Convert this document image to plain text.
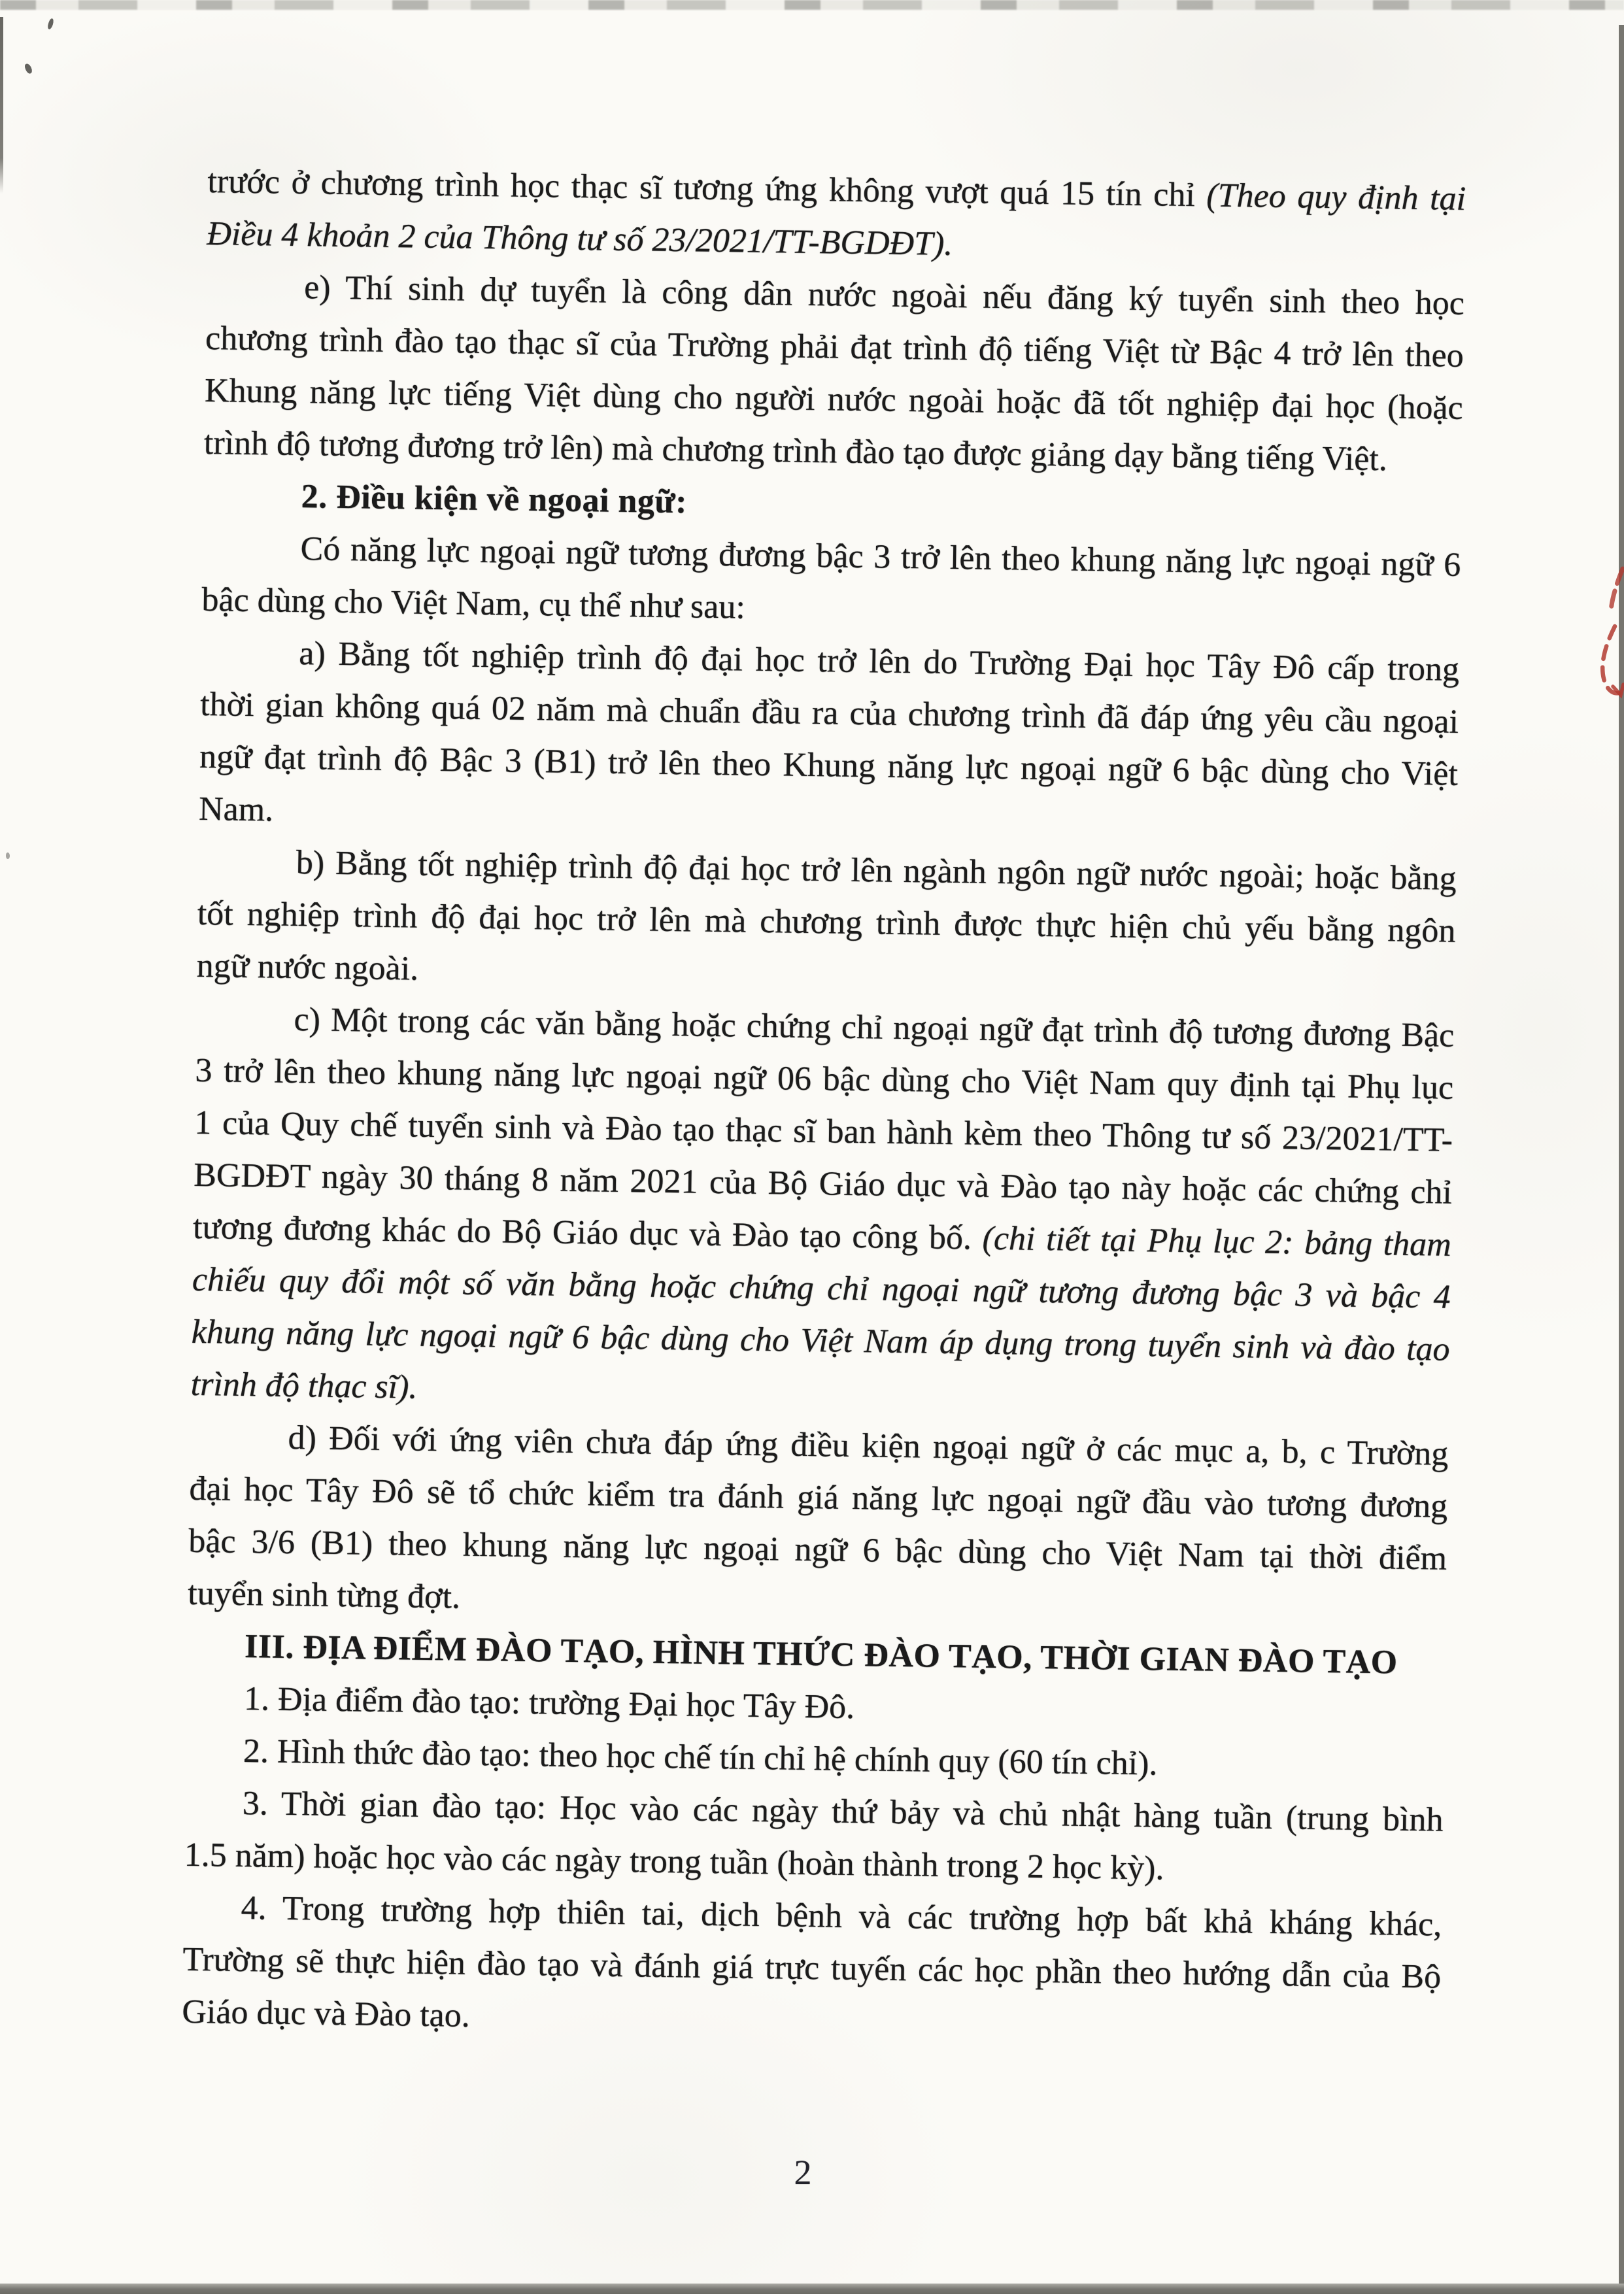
trước ở chương trình học thạc sĩ tương ứng không vượt quá 15 tín chỉ (Theo quy định tại
Điều 4 khoản 2 của Thông tư số 23/2021/TT-BGDĐT).
e) Thí sinh dự tuyển là công dân nước ngoài nếu đăng ký tuyển sinh theo học
chương trình đào tạo thạc sĩ của Trường phải đạt trình độ tiếng Việt từ Bậc 4 trở lên theo
Khung năng lực tiếng Việt dùng cho người nước ngoài hoặc đã tốt nghiệp đại học (hoặc
trình độ tương đương trở lên) mà chương trình đào tạo được giảng dạy bằng tiếng Việt.
2. Điều kiện về ngoại ngữ:
Có năng lực ngoại ngữ tương đương bậc 3 trở lên theo khung năng lực ngoại ngữ 6
bậc dùng cho Việt Nam, cụ thể như sau:
a) Bằng tốt nghiệp trình độ đại học trở lên do Trường Đại học Tây Đô cấp trong
thời gian không quá 02 năm mà chuẩn đầu ra của chương trình đã đáp ứng yêu cầu ngoại
ngữ đạt trình độ Bậc 3 (B1) trở lên theo Khung năng lực ngoại ngữ 6 bậc dùng cho Việt
Nam.
b) Bằng tốt nghiệp trình độ đại học trở lên ngành ngôn ngữ nước ngoài; hoặc bằng
tốt nghiệp trình độ đại học trở lên mà chương trình được thực hiện chủ yếu bằng ngôn
ngữ nước ngoài.
c) Một trong các văn bằng hoặc chứng chỉ ngoại ngữ đạt trình độ tương đương Bậc
3 trở lên theo khung năng lực ngoại ngữ 06 bậc dùng cho Việt Nam quy định tại Phụ lục
1 của Quy chế tuyển sinh và Đào tạo thạc sĩ ban hành kèm theo Thông tư số 23/2021/TT-
BGDĐT ngày 30 tháng 8 năm 2021 của Bộ Giáo dục và Đào tạo này hoặc các chứng chỉ
tương đương khác do Bộ Giáo dục và Đào tạo công bố. (chi tiết tại Phụ lục 2: bảng tham
chiếu quy đổi một số văn bằng hoặc chứng chỉ ngoại ngữ tương đương bậc 3 và bậc 4
khung năng lực ngoại ngữ 6 bậc dùng cho Việt Nam áp dụng trong tuyển sinh và đào tạo
trình độ thạc sĩ).
d) Đối với ứng viên chưa đáp ứng điều kiện ngoại ngữ ở các mục a, b, c Trường
đại học Tây Đô sẽ tổ chức kiểm tra đánh giá năng lực ngoại ngữ đầu vào tương đương
bậc 3/6 (B1) theo khung năng lực ngoại ngữ 6 bậc dùng cho Việt Nam tại thời điểm
tuyển sinh từng đợt.
III. ĐỊA ĐIỂM ĐÀO TẠO, HÌNH THỨC ĐÀO TẠO, THỜI GIAN ĐÀO TẠO
1. Địa điểm đào tạo: trường Đại học Tây Đô.
2. Hình thức đào tạo: theo học chế tín chỉ hệ chính quy (60 tín chỉ).
3. Thời gian đào tạo: Học vào các ngày thứ bảy và chủ nhật hàng tuần (trung bình
1.5 năm) hoặc học vào các ngày trong tuần (hoàn thành trong 2 học kỳ).
4. Trong trường hợp thiên tai, dịch bệnh và các trường hợp bất khả kháng khác,
Trường sẽ thực hiện đào tạo và đánh giá trực tuyến các học phần theo hướng dẫn của Bộ
Giáo dục và Đào tạo.
2
